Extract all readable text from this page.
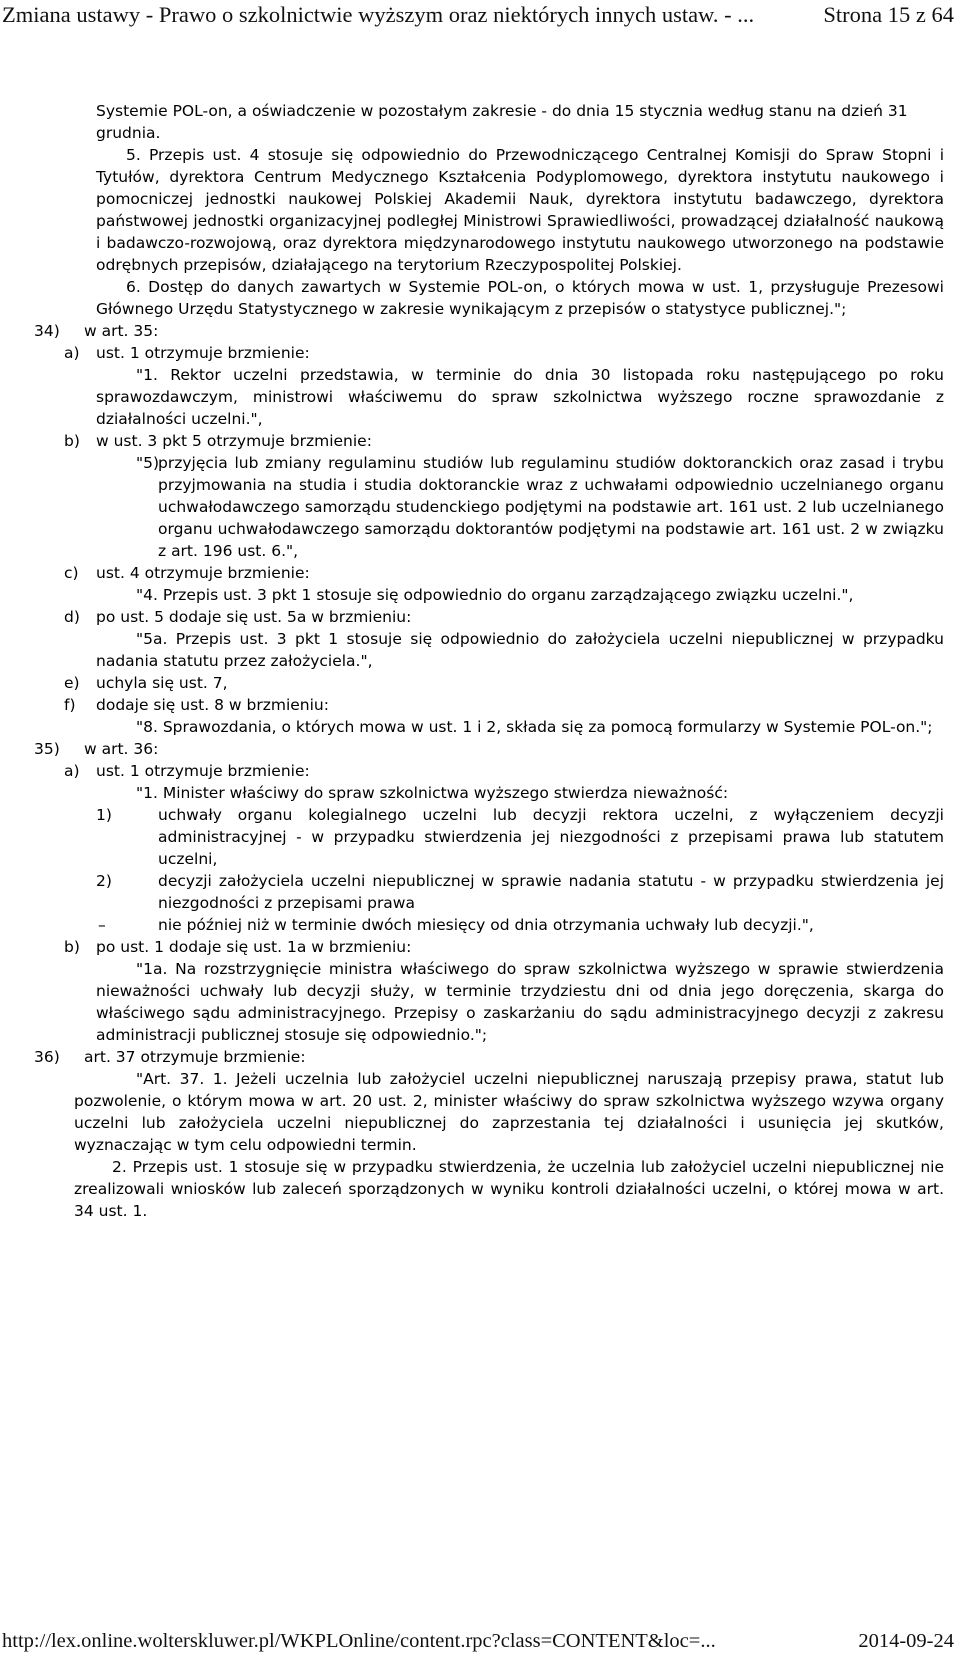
Zmiana ustawy - Prawo o szkolnictwie wyższym oraz niektórych innych ustaw. - ...	Strona 15 z 64
Systemie POL-on, a oświadczenie w pozostałym zakresie - do dnia 15 stycznia według stanu na dzień 31 grudnia.
5. Przepis ust. 4 stosuje się odpowiednio do Przewodniczącego Centralnej Komisji do Spraw Stopni i Tytułów, dyrektora Centrum Medycznego Kształcenia Podyplomowego, dyrektora instytutu naukowego i pomocniczej jednostki naukowej Polskiej Akademii Nauk, dyrektora instytutu badawczego, dyrektora państwowej jednostki organizacyjnej podległej Ministrowi Sprawiedliwości, prowadzącej działalność naukową i badawczo-rozwojową, oraz dyrektora międzynarodowego instytutu naukowego utworzonego na podstawie odrębnych przepisów, działającego na terytorium Rzeczypospolitej Polskiej.
6. Dostęp do danych zawartych w Systemie POL-on, o których mowa w ust. 1, przysługuje Prezesowi Głównego Urzędu Statystycznego w zakresie wynikającym z przepisów o statystyce publicznej.";
34) w art. 35:
a) ust. 1 otrzymuje brzmienie:
"1. Rektor uczelni przedstawia, w terminie do dnia 30 listopada roku następującego po roku sprawozdawczym, ministrowi właściwemu do spraw szkolnictwa wyższego roczne sprawozdanie z działalności uczelni.",
b) w ust. 3 pkt 5 otrzymuje brzmienie:
"5)
przyjęcia lub zmiany regulaminu studiów lub regulaminu studiów doktoranckich oraz zasad i trybu przyjmowania na studia i studia doktoranckie wraz z uchwałami odpowiednio uczelnianego organu uchwałodawczego samorządu studenckiego podjętymi na podstawie art. 161 ust. 2 lub uczelnianego organu uchwałodawczego samorządu doktorantów podjętymi na podstawie art. 161 ust. 2 w związku z art. 196 ust. 6.",
c) ust. 4 otrzymuje brzmienie:
"4. Przepis ust. 3 pkt 1 stosuje się odpowiednio do organu zarządzającego związku uczelni.",
d) po ust. 5 dodaje się ust. 5a w brzmieniu:
"5a. Przepis ust. 3 pkt 1 stosuje się odpowiednio do założyciela uczelni niepublicznej w przypadku nadania statutu przez założyciela.",
e) uchyla się ust. 7,
f) dodaje się ust. 8 w brzmieniu:
"8. Sprawozdania, o których mowa w ust. 1 i 2, składa się za pomocą formularzy w Systemie POL-on.";
35) w art. 36:
a) ust. 1 otrzymuje brzmienie:
"1. Minister właściwy do spraw szkolnictwa wyższego stwierdza nieważność:
1)	uchwały organu kolegialnego uczelni lub decyzji rektora uczelni, z wyłączeniem decyzji administracyjnej - w przypadku stwierdzenia jej niezgodności z przepisami prawa lub statutem uczelni,
2)	decyzji założyciela uczelni niepublicznej w sprawie nadania statutu - w przypadku stwierdzenia jej niezgodności z przepisami prawa
–	nie później niż w terminie dwóch miesięcy od dnia otrzymania uchwały lub decyzji.",
b) po ust. 1 dodaje się ust. 1a w brzmieniu:
"1a. Na rozstrzygnięcie ministra właściwego do spraw szkolnictwa wyższego w sprawie stwierdzenia nieważności uchwały lub decyzji służy, w terminie trzydziestu dni od dnia jego doręczenia, skarga do właściwego sądu administracyjnego. Przepisy o zaskarżaniu do sądu administracyjnego decyzji z zakresu administracji publicznej stosuje się odpowiednio.";
36) art. 37 otrzymuje brzmienie:
"Art. 37. 1. Jeżeli uczelnia lub założyciel uczelni niepublicznej naruszają przepisy prawa, statut lub pozwolenie, o którym mowa w art. 20 ust. 2, minister właściwy do spraw szkolnictwa wyższego wzywa organy uczelni lub założyciela uczelni niepublicznej do zaprzestania tej działalności i usunięcia jej skutków, wyznaczając w tym celu odpowiedni termin.
2. Przepis ust. 1 stosuje się w przypadku stwierdzenia, że uczelnia lub założyciel uczelni niepublicznej nie zrealizowali wniosków lub zaleceń sporządzonych w wyniku kontroli działalności uczelni, o której mowa w art. 34 ust. 1.
http://lex.online.wolterskluwer.pl/WKPLOnline/content.rpc?class=CONTENT&loc=...	2014-09-24
